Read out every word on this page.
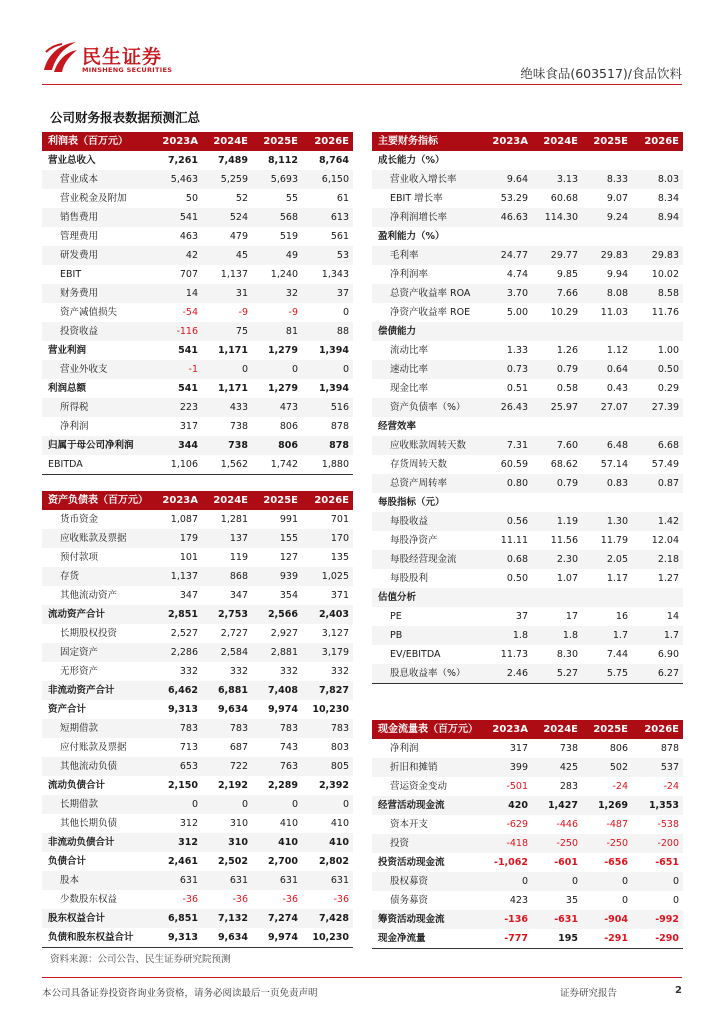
民生证券
MINSHENG SECURITIES	绝味食品(603517)/食品饮料
公司财务报表数据预测汇总
利润表（百万元）	2023A	2024E	2025E	2026E
营业总收入	7,261	7,489	8,112	8,764
营业成本	5,463	5,259	5,693	6,150
营业税金及附加	50	52	55	61
销售费用	541	524	568	613
管理费用	463	479	519	561
研发费用	42	45	49	53
EBIT	707	1,137	1,240	1,343
财务费用	14	31	32	37
资产减值损失	-54	-9	-9	0
投资收益	-116	75	81	88
营业利润	541	1,171	1,279	1,394
营业外收支	-1	0	0	0
利润总额	541	1,171	1,279	1,394
所得税	223	433	473	516
净利润	317	738	806	878
归属于母公司净利润	344	738	806	878
EBITDA	1,106	1,562	1,742	1,880
主要财务指标	2023A	2024E	2025E	2026E
成长能力（%）				
营业收入增长率	9.64	3.13	8.33	8.03
EBIT 增长率	53.29	60.68	9.07	8.34
净利润增长率	46.63	114.30	9.24	8.94
盈利能力（%）				
毛利率	24.77	29.77	29.83	29.83
净利润率	4.74	9.85	9.94	10.02
总资产收益率 ROA	3.70	7.66	8.08	8.58
净资产收益率 ROE	5.00	10.29	11.03	11.76
偿债能力				
流动比率	1.33	1.26	1.12	1.00
速动比率	0.73	0.79	0.64	0.50
现金比率	0.51	0.58	0.43	0.29
资产负债率（%）	26.43	25.97	27.07	27.39
经营效率				
应收账款周转天数	7.31	7.60	6.48	6.68
存货周转天数	60.59	68.62	57.14	57.49
总资产周转率	0.80	0.79	0.83	0.87
每股指标（元）				
每股收益	0.56	1.19	1.30	1.42
每股净资产	11.11	11.56	11.79	12.04
每股经营现金流	0.68	2.30	2.05	2.18
每股股利	0.50	1.07	1.17	1.27
估值分析				
PE	37	17	16	14
PB	1.8	1.8	1.7	1.7
EV/EBITDA	11.73	8.30	7.44	6.90
股息收益率（%）	2.46	5.27	5.75	6.27
资产负债表（百万元）	2023A	2024E	2025E	2026E
货币资金	1,087	1,281	991	701
应收账款及票据	179	137	155	170
预付款项	101	119	127	135
存货	1,137	868	939	1,025
其他流动资产	347	347	354	371
流动资产合计	2,851	2,753	2,566	2,403
长期股权投资	2,527	2,727	2,927	3,127
固定资产	2,286	2,584	2,881	3,179
无形资产	332	332	332	332
非流动资产合计	6,462	6,881	7,408	7,827
资产合计	9,313	9,634	9,974	10,230
短期借款	783	783	783	783
应付账款及票据	713	687	743	803
其他流动负债	653	722	763	805
流动负债合计	2,150	2,192	2,289	2,392
长期借款	0	0	0	0
其他长期负债	312	310	410	410
非流动负债合计	312	310	410	410
负债合计	2,461	2,502	2,700	2,802
股本	631	631	631	631
少数股东权益	-36	-36	-36	-36
股东权益合计	6,851	7,132	7,274	7,428
负债和股东权益合计	9,313	9,634	9,974	10,230
现金流量表（百万元）	2023A	2024E	2025E	2026E
净利润	317	738	806	878
折旧和摊销	399	425	502	537
营运资金变动	-501	283	-24	-24
经营活动现金流	420	1,427	1,269	1,353
资本开支	-629	-446	-487	-538
投资	-418	-250	-250	-200
投资活动现金流	-1,062	-601	-656	-651
股权募资	0	0	0	0
债务募资	423	35	0	0
筹资活动现金流	-136	-631	-904	-992
现金净流量	-777	195	-291	-290
资料来源：公司公告、民生证券研究院预测
本公司具备证券投资咨询业务资格，请务必阅读最后一页免责声明	证券研究报告	2
